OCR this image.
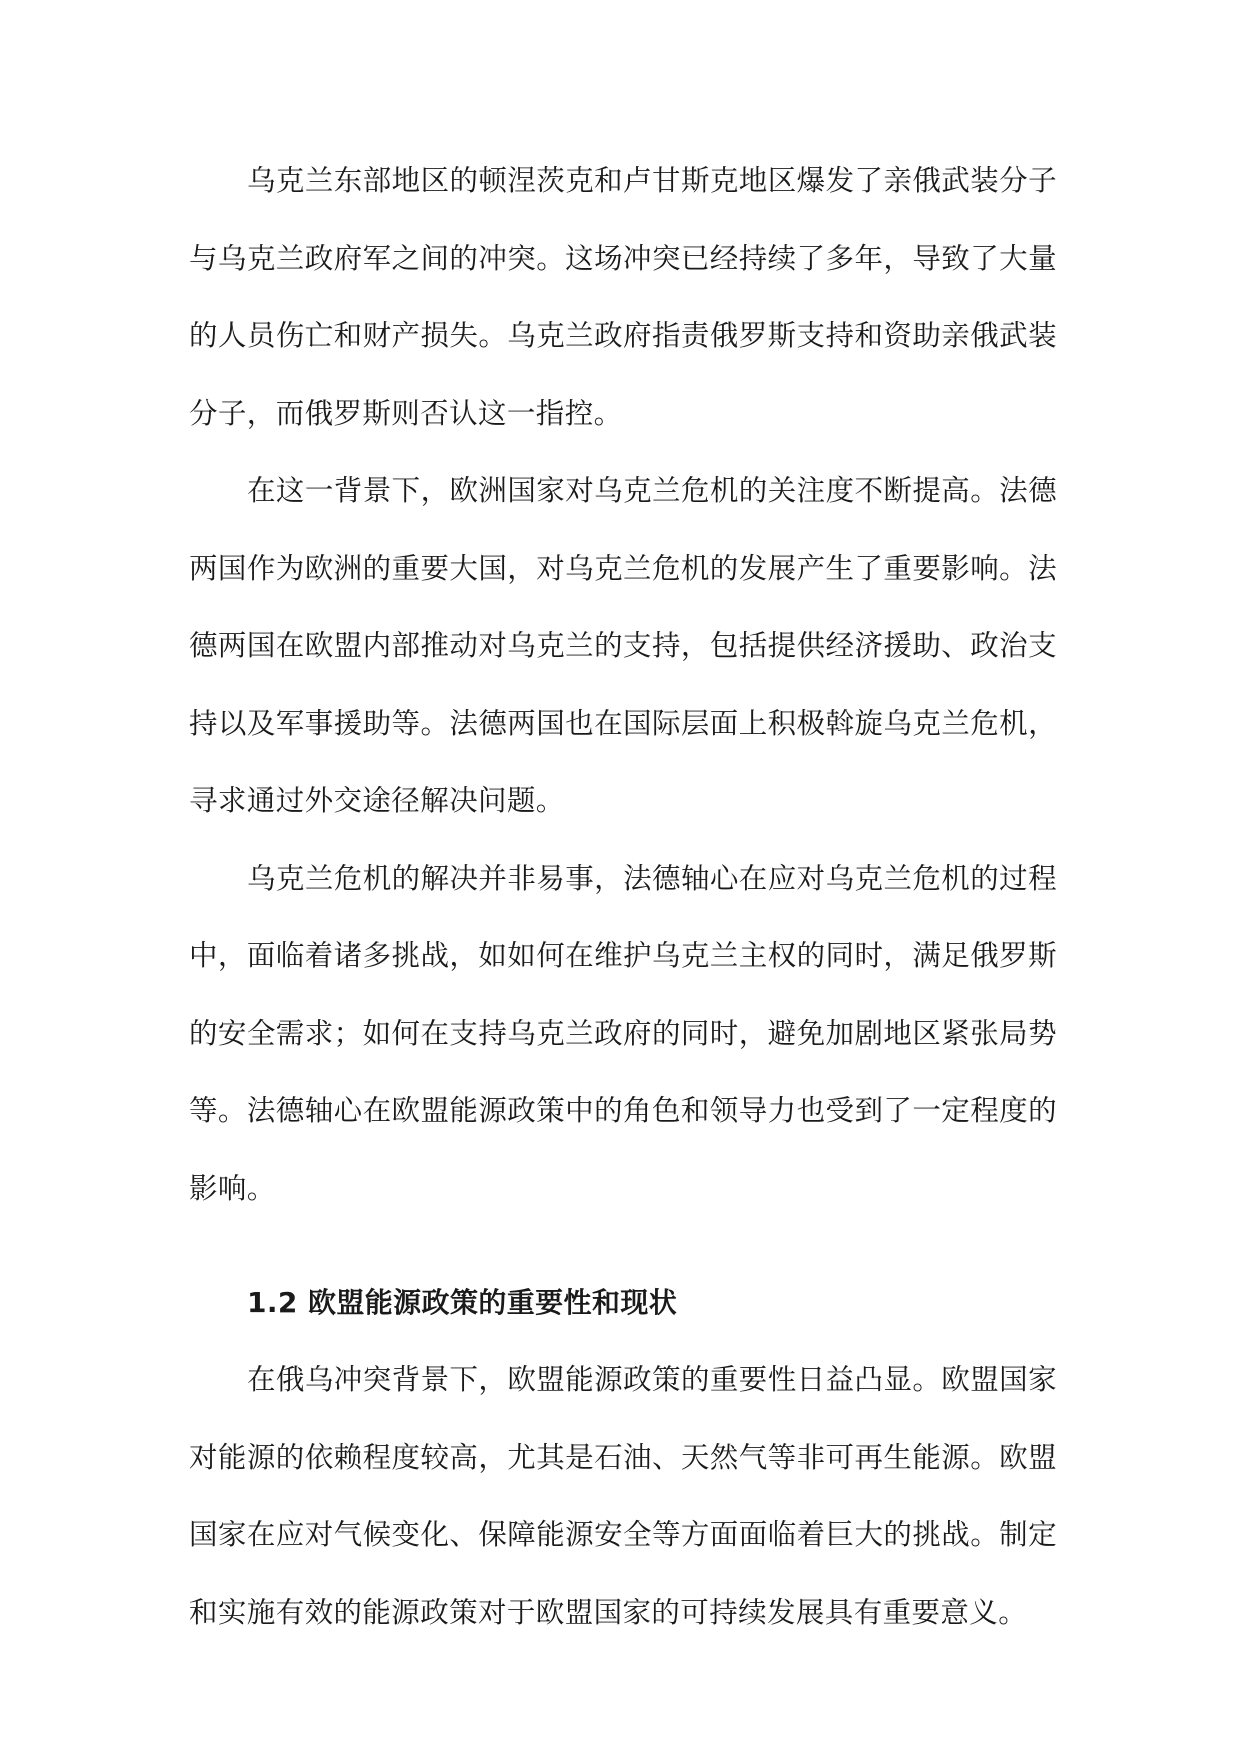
乌克兰东部地区的顿涅茨克和卢甘斯克地区爆发了亲俄武装分子与乌克兰政府军之间的冲突。这场冲突已经持续了多年，导致了大量的人员伤亡和财产损失。乌克兰政府指责俄罗斯支持和资助亲俄武装分子，而俄罗斯则否认这一指控。

在这一背景下，欧洲国家对乌克兰危机的关注度不断提高。法德两国作为欧洲的重要大国，对乌克兰危机的发展产生了重要影响。法德两国在欧盟内部推动对乌克兰的支持，包括提供经济援助、政治支持以及军事援助等。法德两国也在国际层面上积极斡旋乌克兰危机，寻求通过外交途径解决问题。

乌克兰危机的解决并非易事，法德轴心在应对乌克兰危机的过程中，面临着诸多挑战，如如何在维护乌克兰主权的同时，满足俄罗斯的安全需求；如何在支持乌克兰政府的同时，避免加剧地区紧张局势等。法德轴心在欧盟能源政策中的角色和领导力也受到了一定程度的影响。

1.2 欧盟能源政策的重要性和现状

在俄乌冲突背景下，欧盟能源政策的重要性日益凸显。欧盟国家对能源的依赖程度较高，尤其是石油、天然气等非可再生能源。欧盟国家在应对气候变化、保障能源安全等方面面临着巨大的挑战。制定和实施有效的能源政策对于欧盟国家的可持续发展具有重要意义。
